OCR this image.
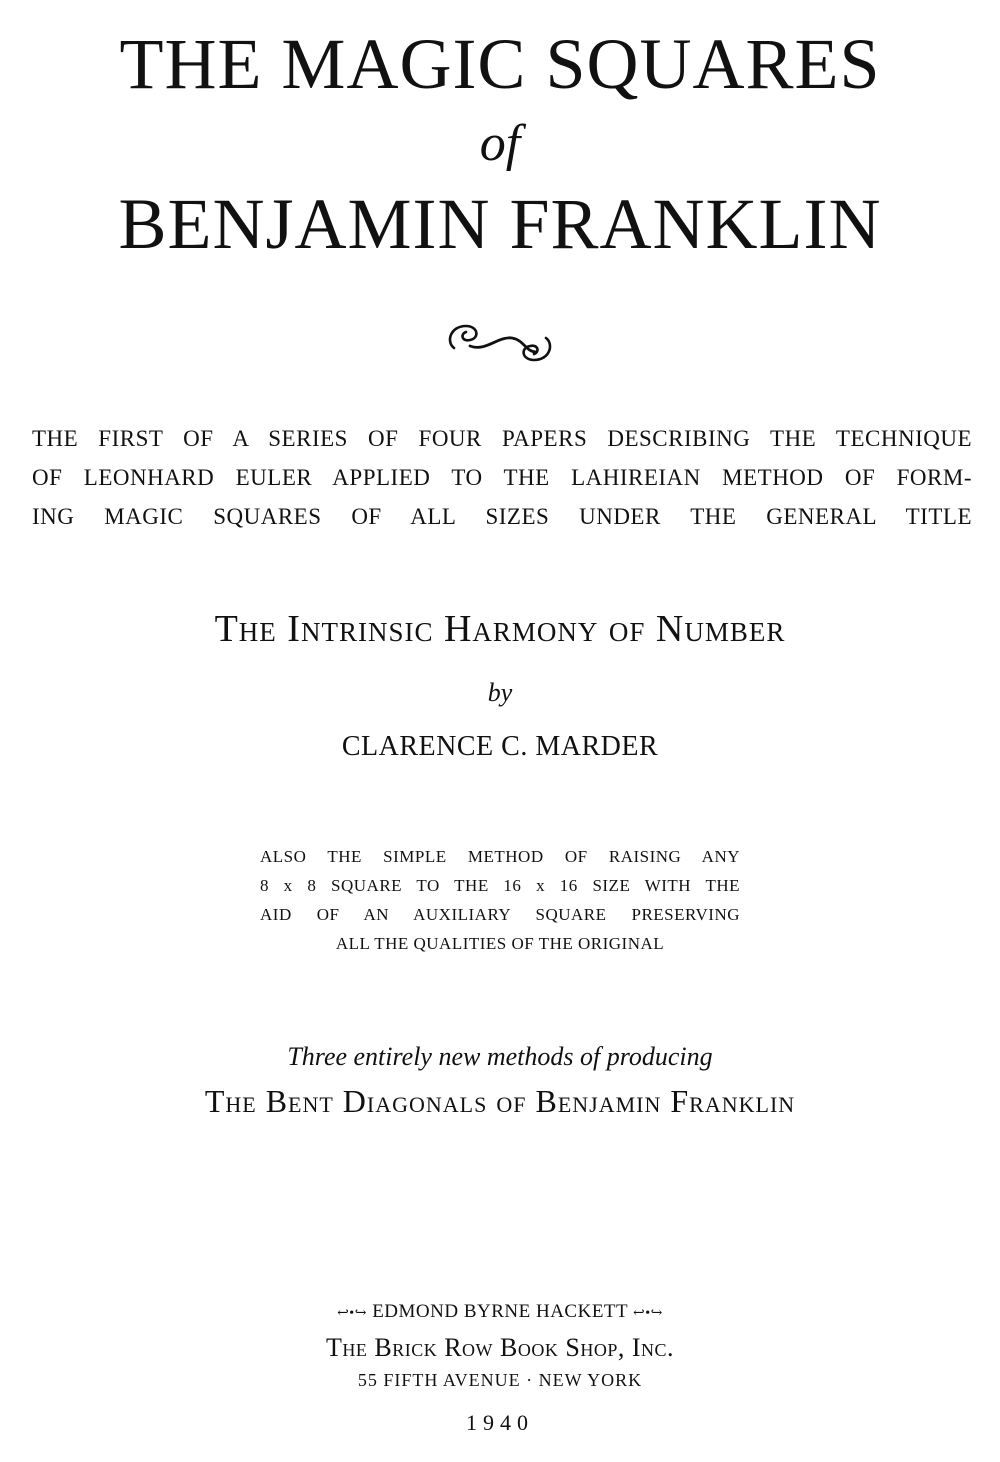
THE MAGIC SQUARES
of
BENJAMIN FRANKLIN
THE FIRST OF A SERIES OF FOUR PAPERS DESCRIBING THE TECHNIQUE
OF LEONHARD EULER APPLIED TO THE LAHIREIAN METHOD OF FORM-
ING MAGIC SQUARES OF ALL SIZES UNDER THE GENERAL TITLE
The Intrinsic Harmony of Number
by
CLARENCE C. MARDER
ALSO THE SIMPLE METHOD OF RAISING ANY
8 x 8 SQUARE TO THE 16 x 16 SIZE WITH THE
AID OF AN AUXILIARY SQUARE PRESERVING
ALL THE QUALITIES OF THE ORIGINAL
Three entirely new methods of producing
The Bent Diagonals of Benjamin Franklin
↩•↪ EDMOND BYRNE HACKETT ↩•↪
The Brick Row Book Shop, Inc.
55 FIFTH AVENUE · NEW YORK
1940
